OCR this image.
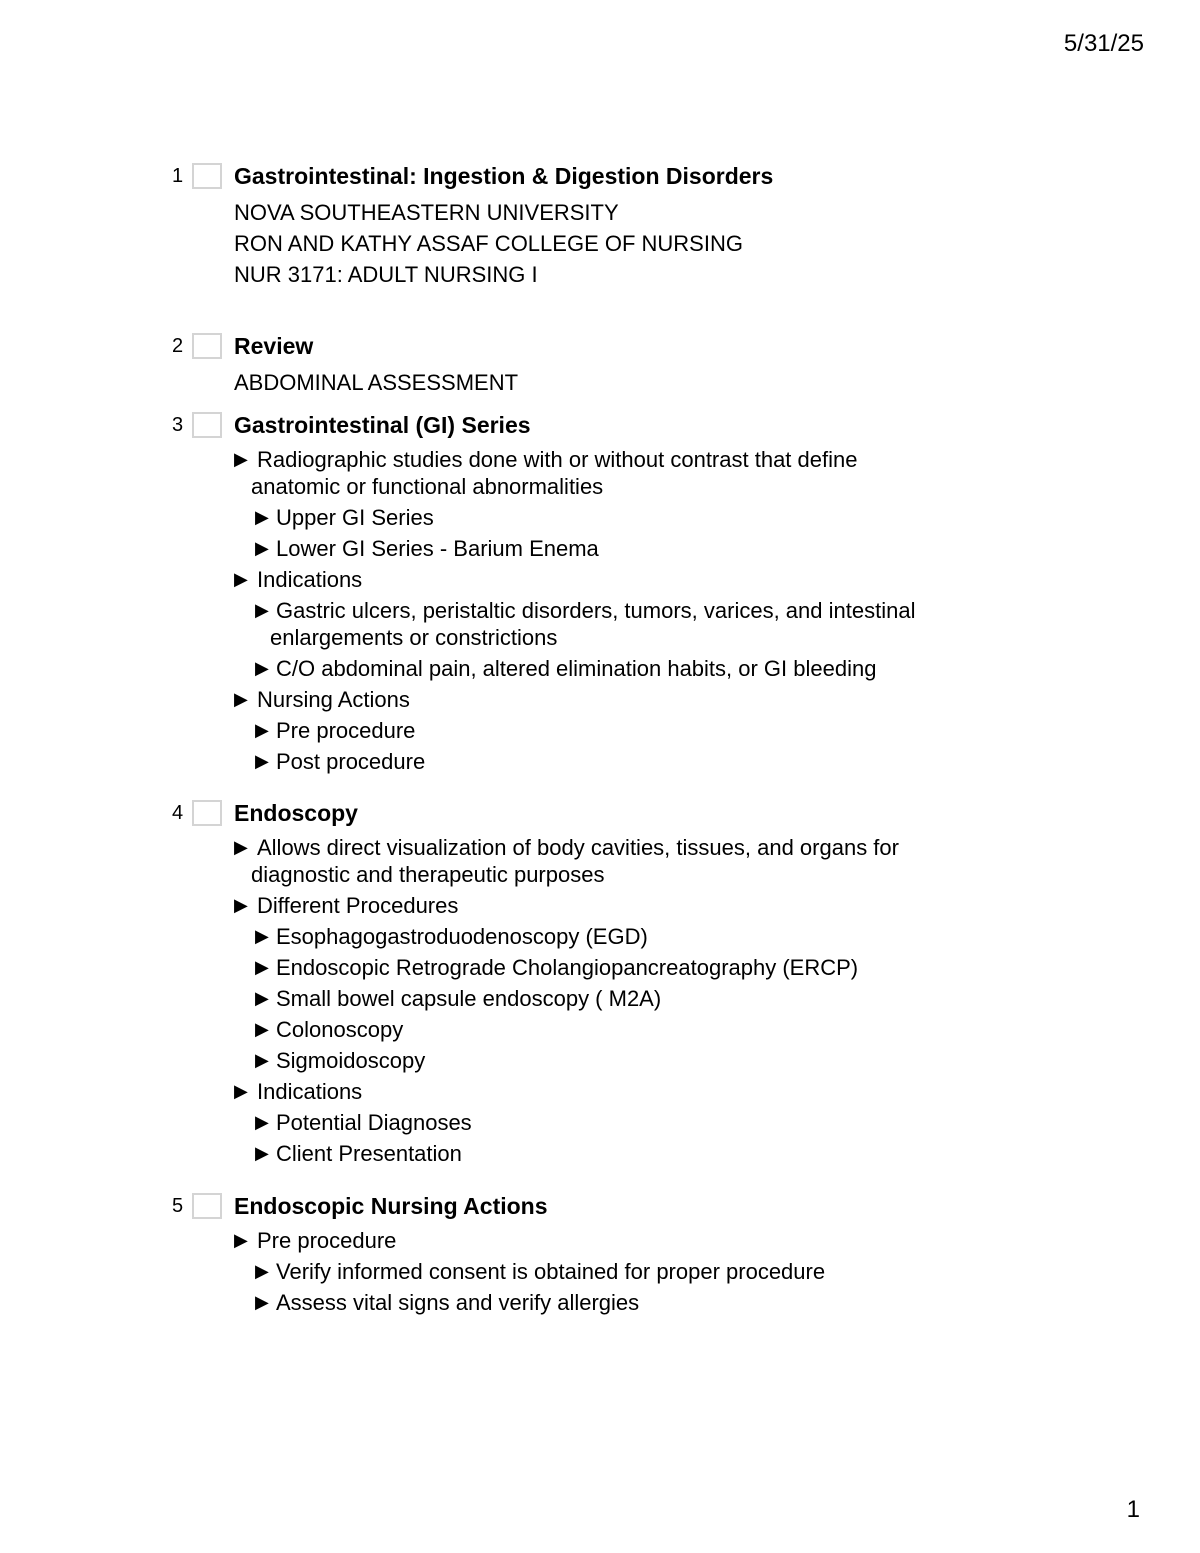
5/31/25
1 Gastrointestinal: Ingestion & Digestion Disorders
NOVA SOUTHEASTERN UNIVERSITY
RON AND KATHY ASSAF COLLEGE OF NURSING
NUR 3171: ADULT NURSING I
2 Review
ABDOMINAL ASSESSMENT
3 Gastrointestinal (GI) Series
▶ Radiographic studies done with or without contrast that define
anatomic or functional abnormalities
▶ Upper GI Series
▶ Lower GI Series - Barium Enema
▶ Indications
▶ Gastric ulcers, peristaltic disorders, tumors, varices, and intestinal
enlargements or constrictions
▶ C/O abdominal pain, altered elimination habits, or GI bleeding
▶ Nursing Actions
▶ Pre procedure
▶ Post procedure
4 Endoscopy
▶ Allows direct visualization of body cavities, tissues, and organs for
diagnostic and therapeutic purposes
▶ Different Procedures
▶ Esophagogastroduodenoscopy (EGD)
▶ Endoscopic Retrograde Cholangiopancreatography (ERCP)
▶ Small bowel capsule endoscopy ( M2A)
▶ Colonoscopy
▶ Sigmoidoscopy
▶ Indications
▶ Potential Diagnoses
▶ Client Presentation
5 Endoscopic Nursing Actions
▶ Pre procedure
▶ Verify informed consent is obtained for proper procedure
▶ Assess vital signs and verify allergies
1
